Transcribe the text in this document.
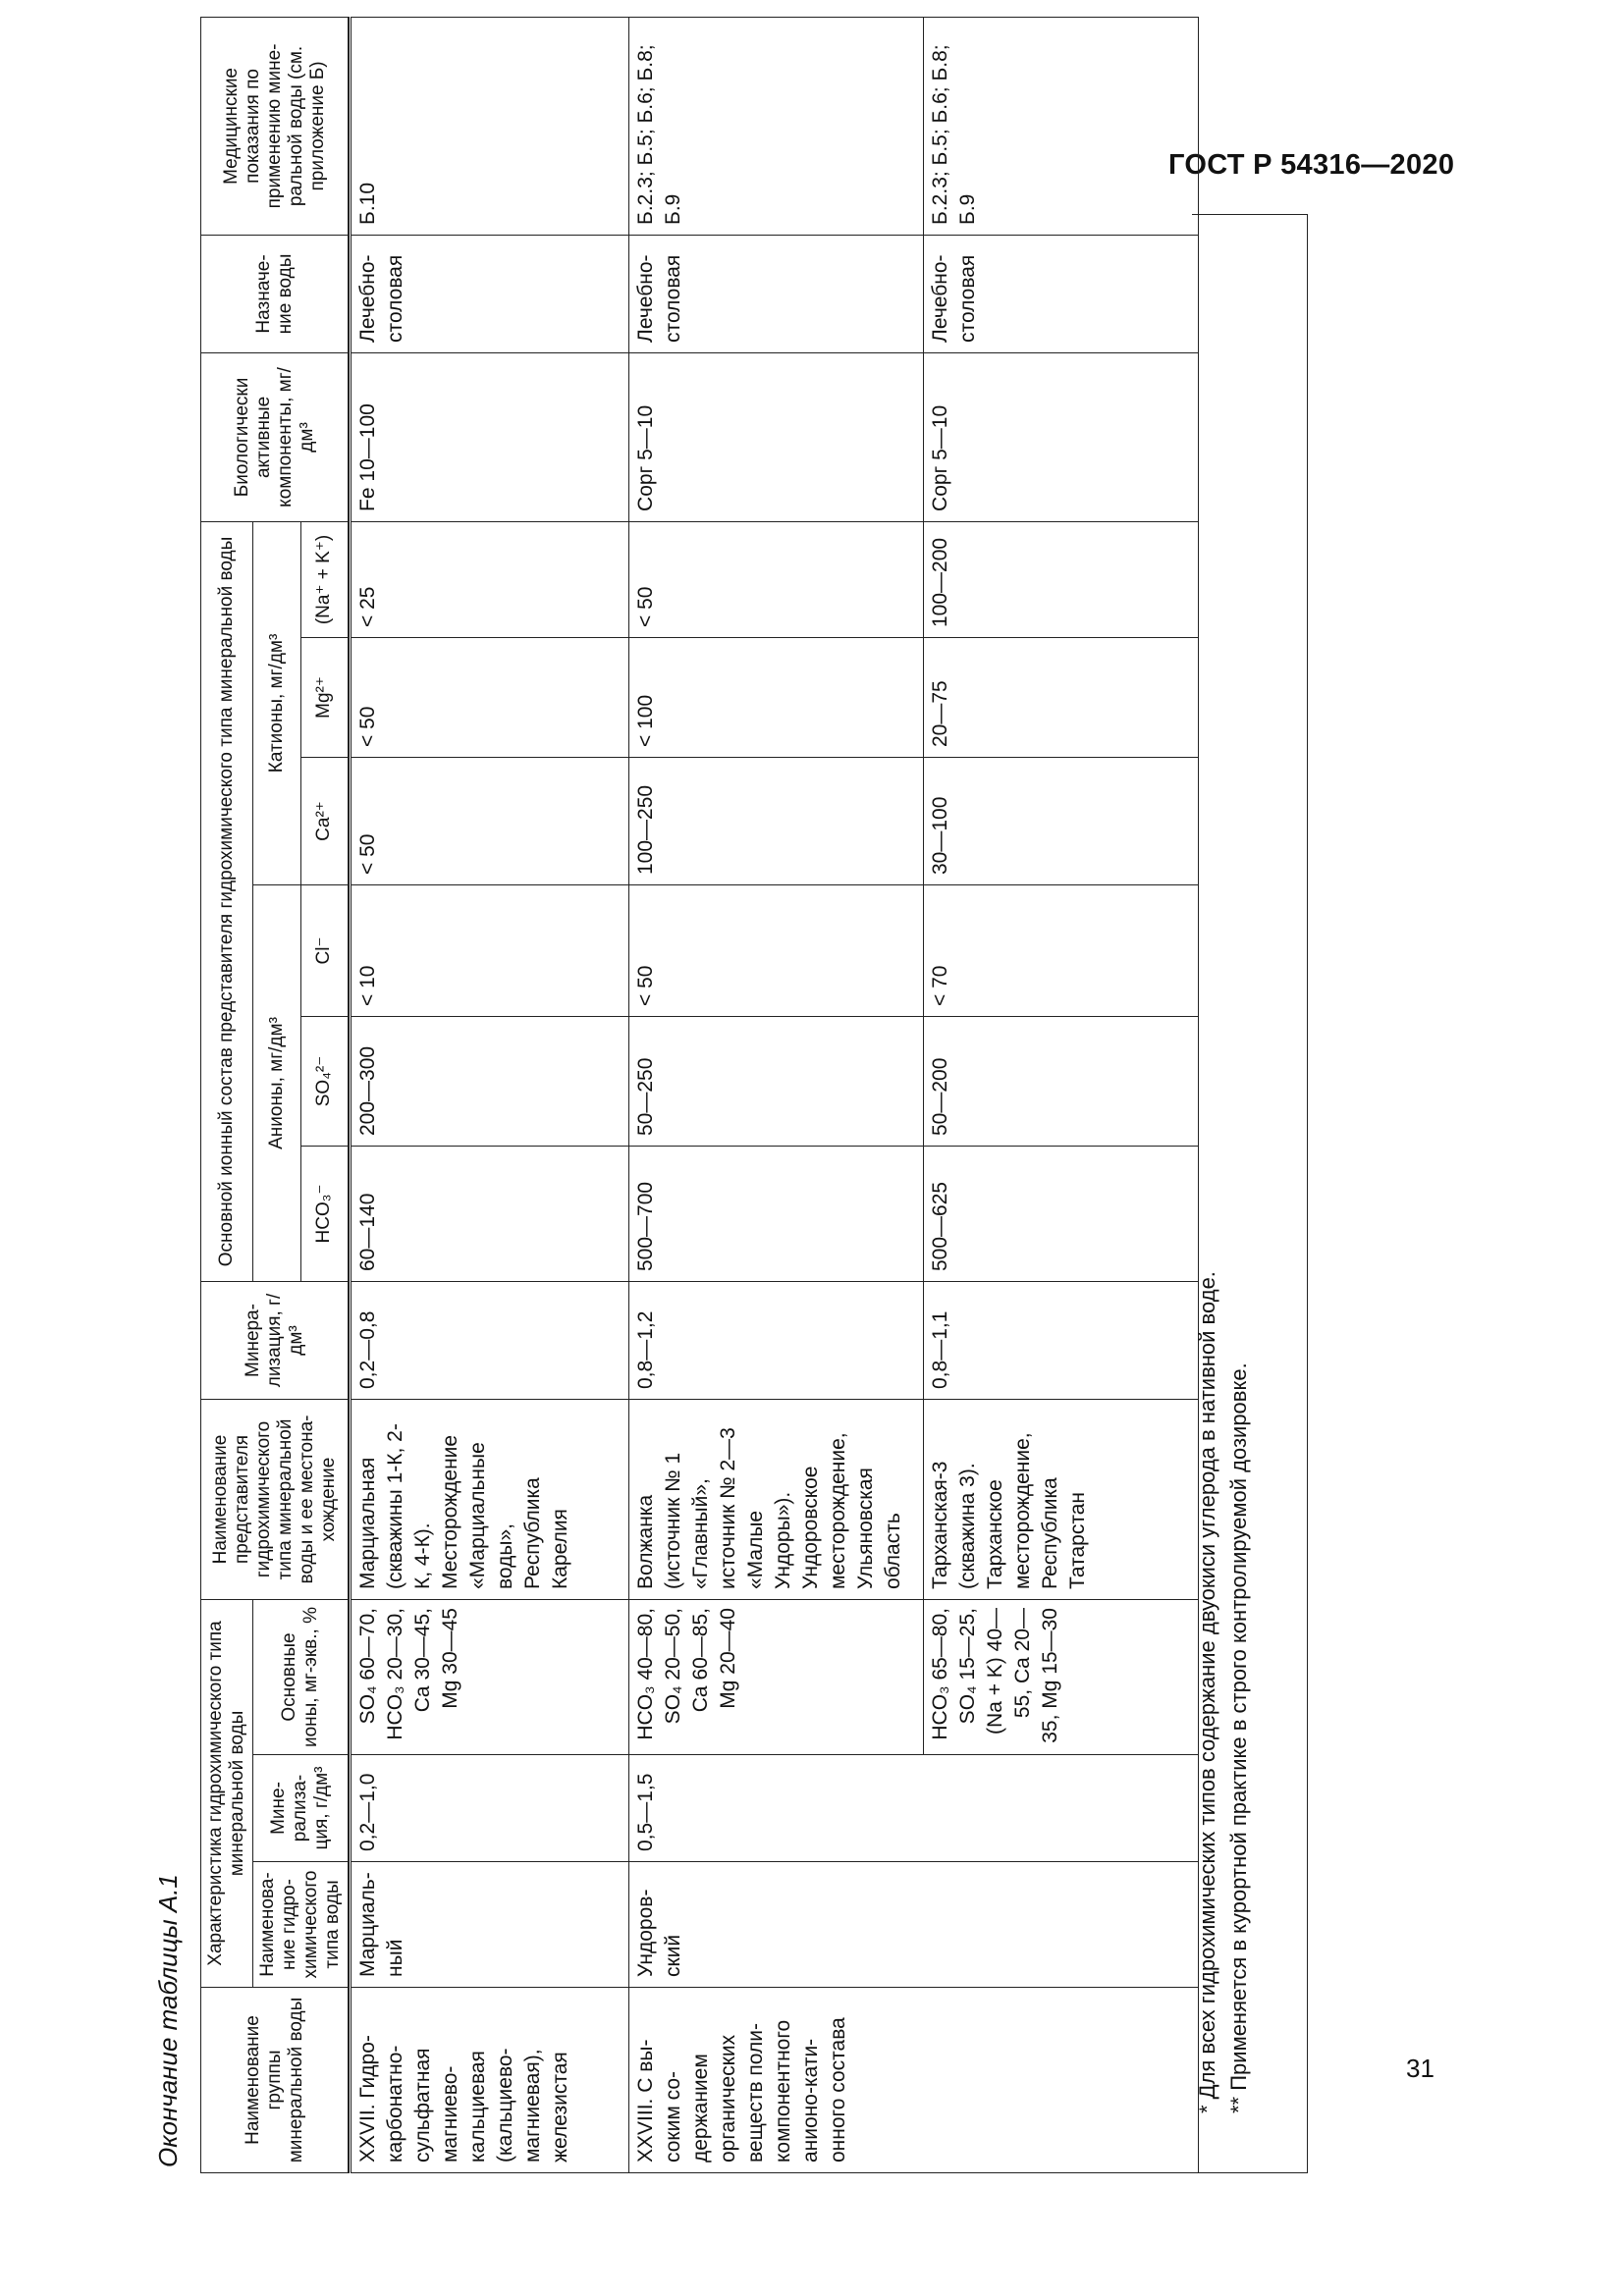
ГОСТ Р 54316—2020
31
Окончание таблицы А.1	Наименование группы минеральной воды	Характеристика гидрохимического типа минеральной воды			Наименование представителя гидрохимического типа минеральной воды и ее местона-хождение	Минера-лизация, г/дм³	Основной ионный состав представителя гидрохимического типа минеральной воды						Биологически активные компоненты, мг/дм³	Назначе-ние воды	Медицинские показания по применению мине-ральной воды (см. приложение Б)
	Наименова-ние гидро-химического типа воды	Мине-рализа-ция, г/дм³	Основные ионы, мг-экв., %			Анионы, мг/дм³			Катионы, мг/дм³					
						HCO₃⁻	SO₄²⁻	Cl⁻	Ca²⁺	Mg²⁺	(Na⁺ + K⁺)			

XXVII. Гидро-карбонатно-сульфатная магниево-кальциевая (кальциево-магниевая), железистая	Марциаль-ный	0,2—1,0	SO₄ 60—70, HCO₃ 20—30, Ca 30—45, Mg 30—45	Марциальная (скважины 1-К, 2-К, 4-К). Месторождение «Марциальные воды», Республика Карелия	0,2—0,8	60—140	200—300	< 10	< 50	< 50	< 25	Fe 10—100	Лечебно-столовая	Б.10
XXVIII. С вы-соким со-держанием органических веществ поли-компонентного анионо-кати-онного состава	Ундоров-ский	0,5—1,5	HCO₃ 40—80, SO₄ 20—50, Ca 60—85, Mg 20—40	Волжанка (источник № 1 «Главный», источник № 2—3 «Малые Ундоры»). Ундоровское месторождение, Ульяновская область	0,8—1,2	500—700	50—250	< 50	100—250	< 100	< 50	Cорг 5—10	Лечебно-столовая	Б.2.3; Б.5; Б.6; Б.8; Б.9
			HCO₃ 65—80, SO₄ 15—25, (Na + K) 40—55, Ca 20—35, Mg 15—30	Тарханская-3 (скважина 3). Тарханское месторождение, Республика Татарстан	0,8—1,1	500—625	50—200	< 70	30—100	20—75	100—200	Cорг 5—10	Лечебно-столовая	Б.2.3; Б.5; Б.6; Б.8; Б.9
* Для всех гидрохимических типов содержание двуокиси углерода в нативной воде. ** Применяется в курортной практике в строго контролируемой дозировке.
